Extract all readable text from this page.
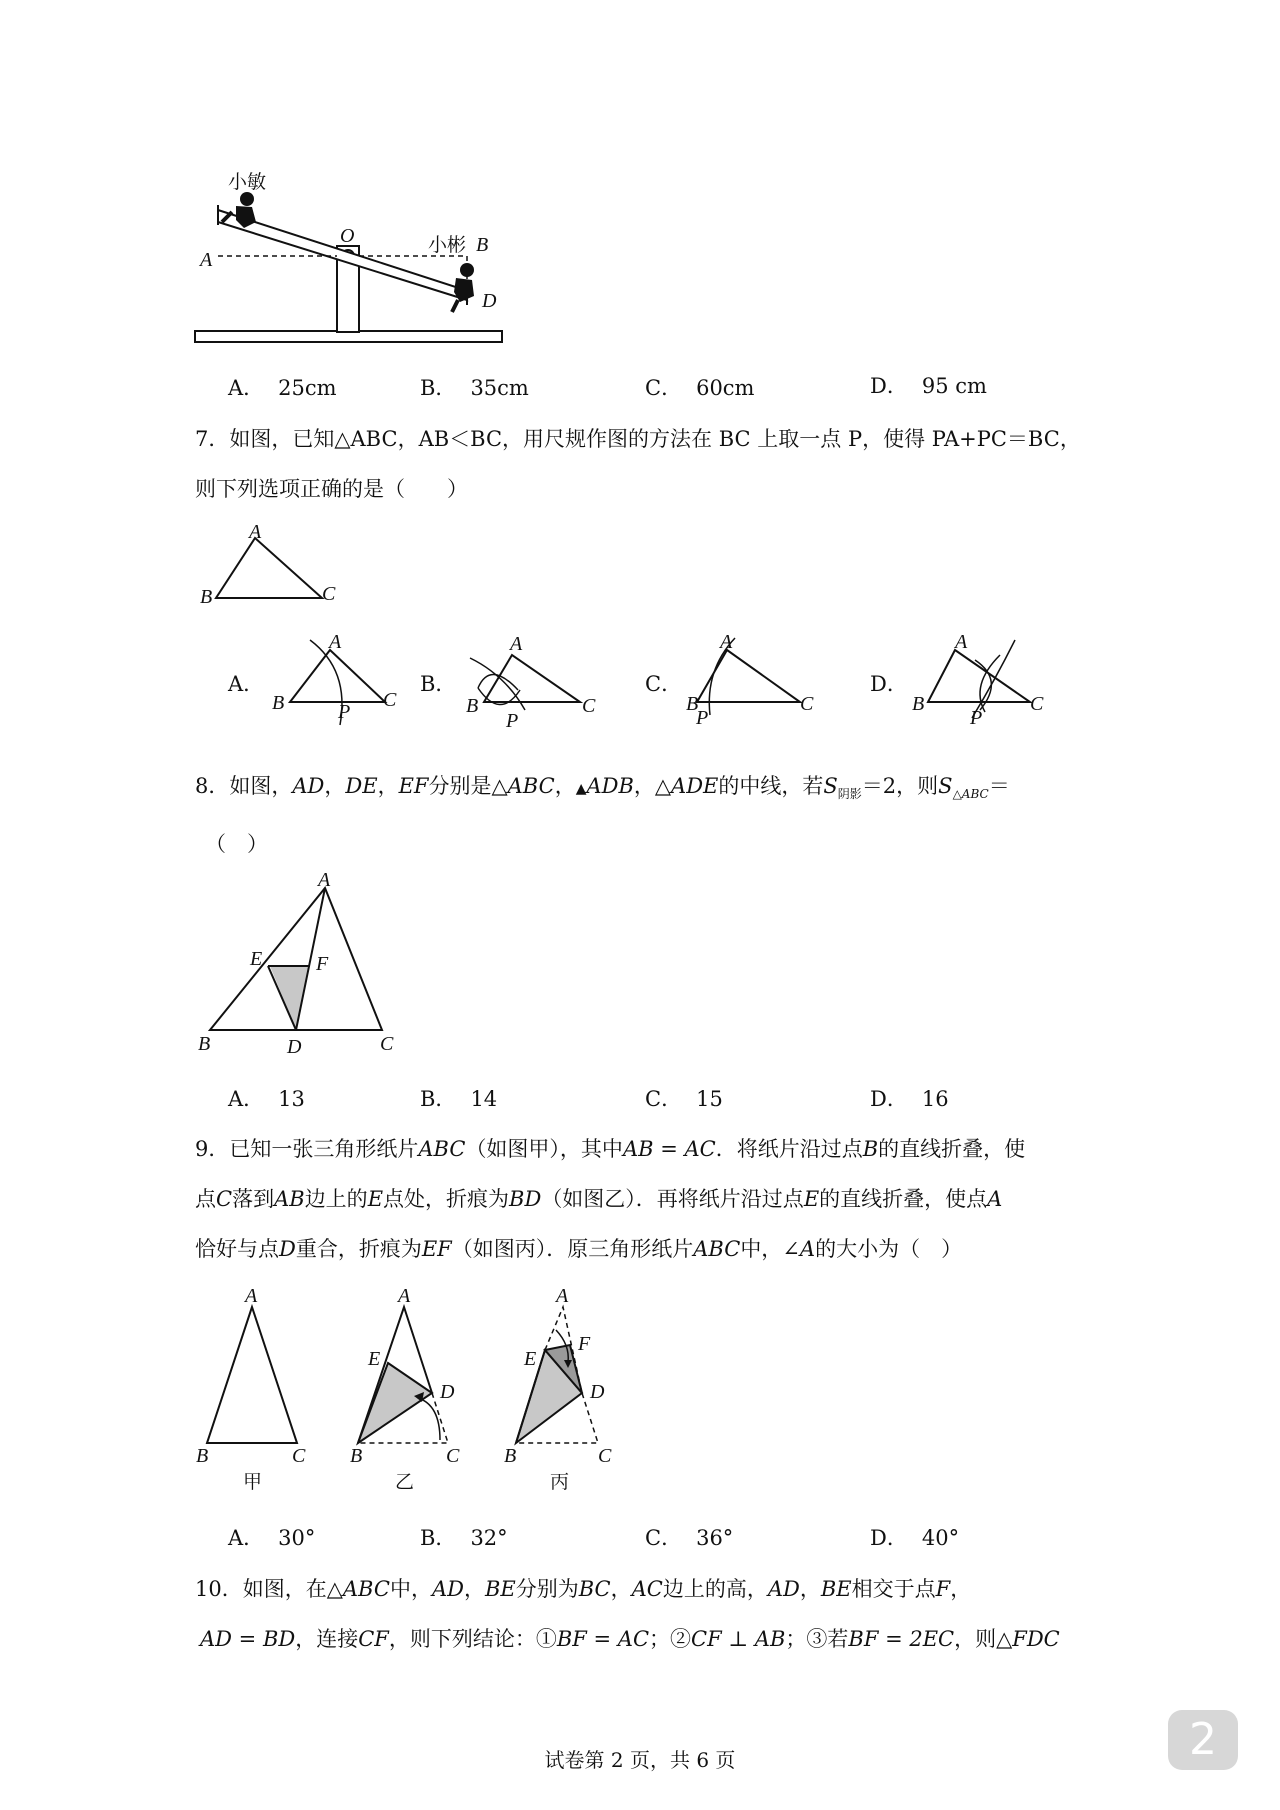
小敏
A
O	小彬 B
D
A． 25cm	B． 35cm	C． 60cm	D． 95 cm
7．如图，已知△ABC，AB＜BC，用尺规作图的方法在 BC 上取一点 P，使得 PA+PC＝BC，
则下列选项正确的是（　　）
A
B	C
A
B	C
P
A
B	C
P
A
B	C
P
A
B	C
P
A．	B．	C．	D．
8．如图，AD，DE，EF分别是△ABC，▲ADB，△ADE的中线，若$S_{阴影}=2$，则$S_{\triangle ABC}=$
（　）
A
E	F
B	D	C
A． 13	B． 14	C． 15	D． 16
9．已知一张三角形纸片ABC（如图甲），其中AB = AC．将纸片沿过点B的直线折叠，使
点C落到AB边上的E点处，折痕为BD（如图乙）．再将纸片沿过点E的直线折叠，使点A
恰好与点D重合，折痕为EF（如图丙）．原三角形纸片ABC中，∠A的大小为（　）
A
B	C
甲
A
E
D
B	C
乙
A
E
F
D
B	C
丙
A． 30°	B． 32°	C． 36°	D． 40°
10．如图，在△ABC中，AD，BE分别为BC，AC边上的高，AD，BE相交于点F，
AD = BD，连接CF，则下列结论：①BF = AC；②CF ⊥ AB；③若BF = 2EC，则△FDC
试卷第 2 页，共 6 页	2
